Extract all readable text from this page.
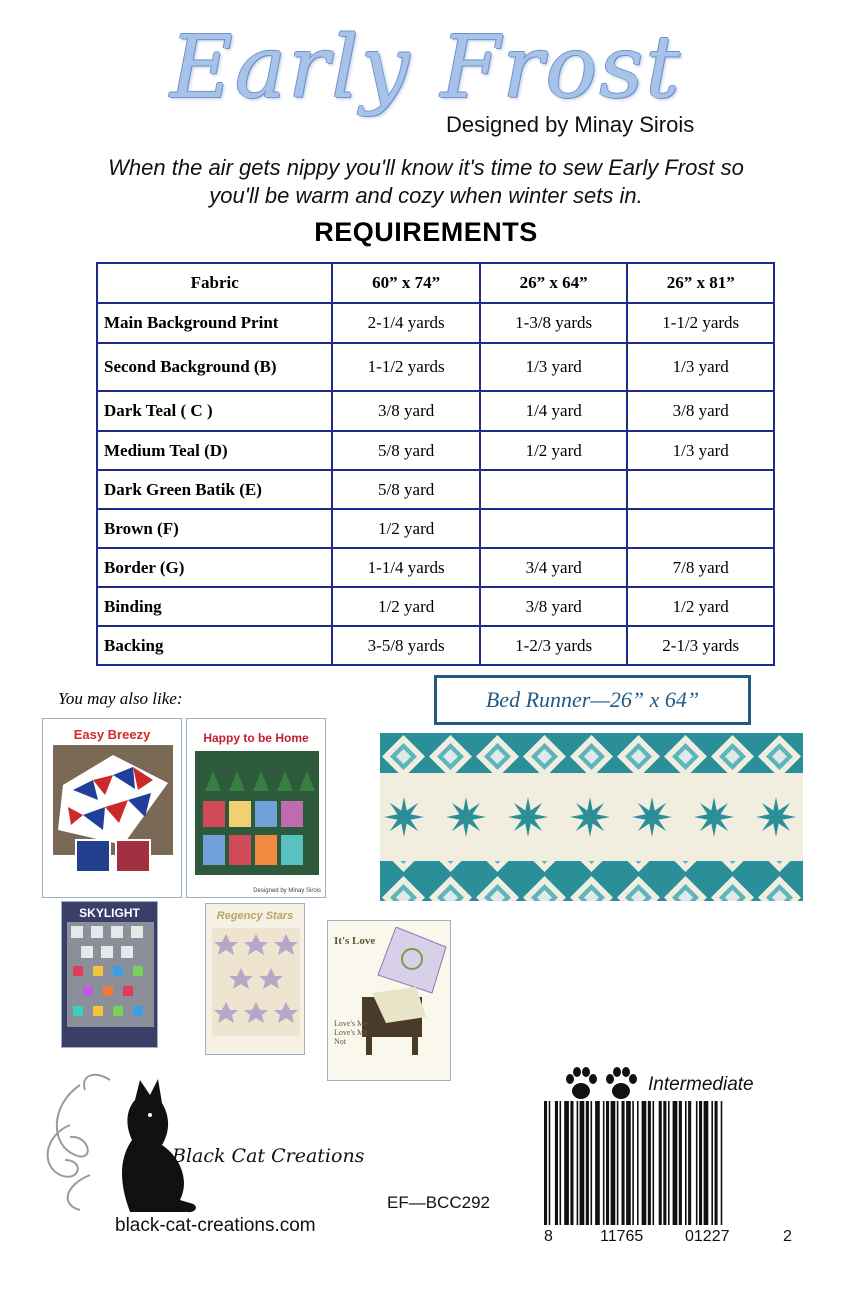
Early Frost
Designed by Minay Sirois
When the air gets nippy you'll know it's time to sew Early Frost so
you'll be warm and cozy when winter sets in.
REQUIREMENTS
Fabric	60” x 74”	26” x 64”	26” x 81”
Main Background Print	2-1/4 yards	1-3/8 yards	1-1/2 yards
Second Background (B)	1-1/2 yards	1/3 yard	1/3 yard
Dark Teal ( C )	3/8 yard	1/4 yard	3/8 yard
Medium Teal (D)	5/8 yard	1/2 yard	1/3 yard
Dark Green Batik (E)	5/8 yard		
Brown (F)	1/2 yard		
Border (G)	1-1/4 yards	3/4 yard	7/8 yard
Binding	1/2 yard	3/8 yard	1/2 yard
Backing	3-5/8 yards	1-2/3 yards	2-1/3 yards
You may also like:
Easy Breezy	Happy to be Home
Designed by Minay Sirois
SKYLIGHT	Regency Stars
It's Love
Love's Me, Love's Me Not
Bed Runner—26” x 64”
Black Cat Creations
black-cat-creations.com
EF—BCC292
Intermediate
8	11765	01227	2
